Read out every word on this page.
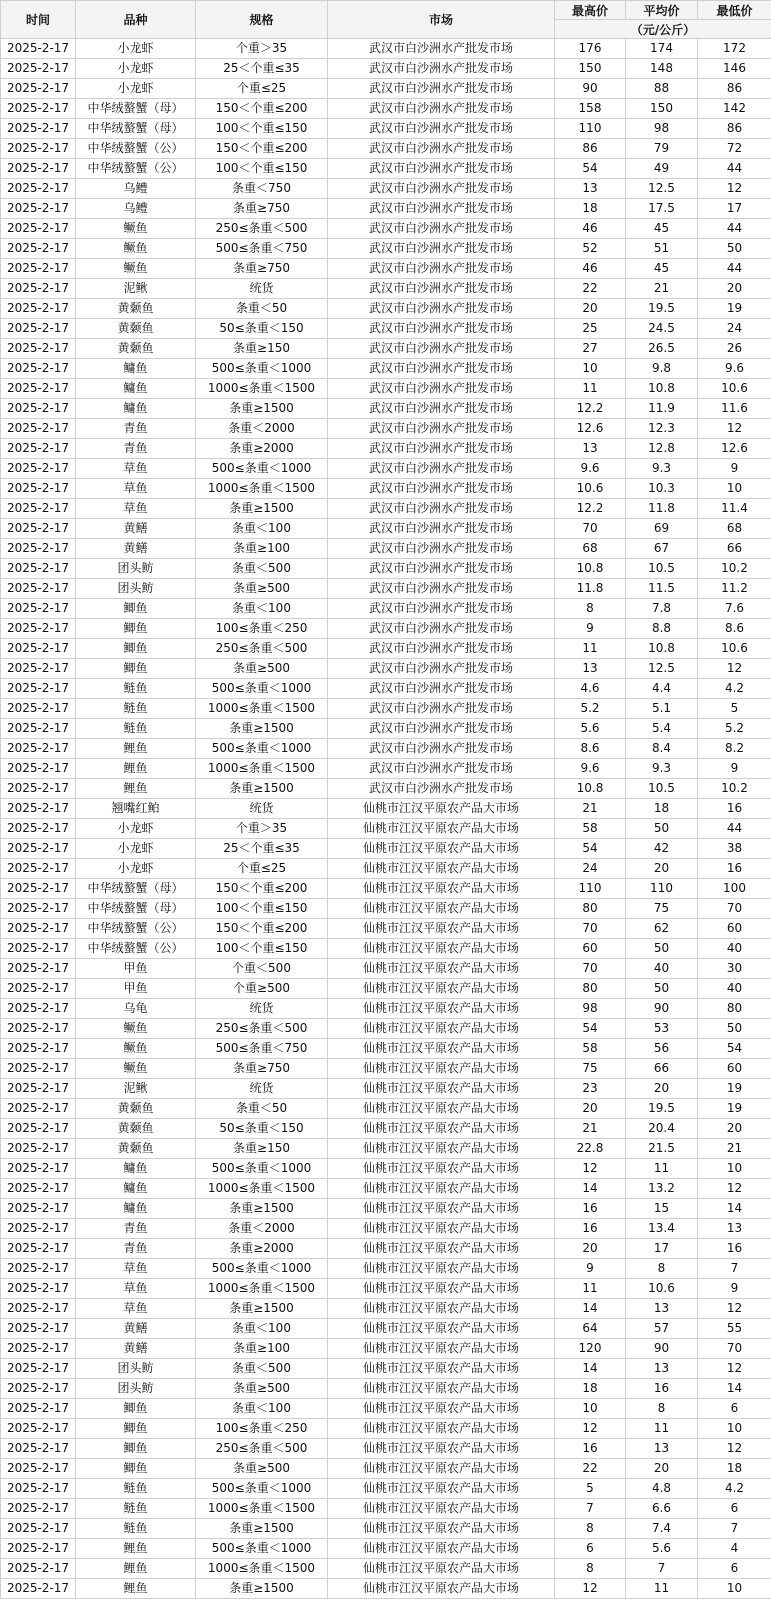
时间	品种	规格	市场	最高价	平均价	最低价
				（元/公斤）		
2025-2-17	小龙虾	个重＞35	武汉市白沙洲水产批发市场	176	174	172
2025-2-17	小龙虾	25＜个重≤35	武汉市白沙洲水产批发市场	150	148	146
2025-2-17	小龙虾	个重≤25	武汉市白沙洲水产批发市场	90	88	86
2025-2-17	中华绒螯蟹（母）	150＜个重≤200	武汉市白沙洲水产批发市场	158	150	142
2025-2-17	中华绒螯蟹（母）	100＜个重≤150	武汉市白沙洲水产批发市场	110	98	86
2025-2-17	中华绒螯蟹（公）	150＜个重≤200	武汉市白沙洲水产批发市场	86	79	72
2025-2-17	中华绒螯蟹（公）	100＜个重≤150	武汉市白沙洲水产批发市场	54	49	44
2025-2-17	乌鳢	条重＜750	武汉市白沙洲水产批发市场	13	12.5	12
2025-2-17	乌鳢	条重≥750	武汉市白沙洲水产批发市场	18	17.5	17
2025-2-17	鳜鱼	250≤条重＜500	武汉市白沙洲水产批发市场	46	45	44
2025-2-17	鳜鱼	500≤条重＜750	武汉市白沙洲水产批发市场	52	51	50
2025-2-17	鳜鱼	条重≥750	武汉市白沙洲水产批发市场	46	45	44
2025-2-17	泥鳅	统货	武汉市白沙洲水产批发市场	22	21	20
2025-2-17	黄颡鱼	条重＜50	武汉市白沙洲水产批发市场	20	19.5	19
2025-2-17	黄颡鱼	50≤条重＜150	武汉市白沙洲水产批发市场	25	24.5	24
2025-2-17	黄颡鱼	条重≥150	武汉市白沙洲水产批发市场	27	26.5	26
2025-2-17	鳙鱼	500≤条重＜1000	武汉市白沙洲水产批发市场	10	9.8	9.6
2025-2-17	鳙鱼	1000≤条重＜1500	武汉市白沙洲水产批发市场	11	10.8	10.6
2025-2-17	鳙鱼	条重≥1500	武汉市白沙洲水产批发市场	12.2	11.9	11.6
2025-2-17	青鱼	条重＜2000	武汉市白沙洲水产批发市场	12.6	12.3	12
2025-2-17	青鱼	条重≥2000	武汉市白沙洲水产批发市场	13	12.8	12.6
2025-2-17	草鱼	500≤条重＜1000	武汉市白沙洲水产批发市场	9.6	9.3	9
2025-2-17	草鱼	1000≤条重＜1500	武汉市白沙洲水产批发市场	10.6	10.3	10
2025-2-17	草鱼	条重≥1500	武汉市白沙洲水产批发市场	12.2	11.8	11.4
2025-2-17	黄鳝	条重＜100	武汉市白沙洲水产批发市场	70	69	68
2025-2-17	黄鳝	条重≥100	武汉市白沙洲水产批发市场	68	67	66
2025-2-17	团头鲂	条重＜500	武汉市白沙洲水产批发市场	10.8	10.5	10.2
2025-2-17	团头鲂	条重≥500	武汉市白沙洲水产批发市场	11.8	11.5	11.2
2025-2-17	鲫鱼	条重＜100	武汉市白沙洲水产批发市场	8	7.8	7.6
2025-2-17	鲫鱼	100≤条重＜250	武汉市白沙洲水产批发市场	9	8.8	8.6
2025-2-17	鲫鱼	250≤条重＜500	武汉市白沙洲水产批发市场	11	10.8	10.6
2025-2-17	鲫鱼	条重≥500	武汉市白沙洲水产批发市场	13	12.5	12
2025-2-17	鲢鱼	500≤条重＜1000	武汉市白沙洲水产批发市场	4.6	4.4	4.2
2025-2-17	鲢鱼	1000≤条重＜1500	武汉市白沙洲水产批发市场	5.2	5.1	5
2025-2-17	鲢鱼	条重≥1500	武汉市白沙洲水产批发市场	5.6	5.4	5.2
2025-2-17	鲤鱼	500≤条重＜1000	武汉市白沙洲水产批发市场	8.6	8.4	8.2
2025-2-17	鲤鱼	1000≤条重＜1500	武汉市白沙洲水产批发市场	9.6	9.3	9
2025-2-17	鲤鱼	条重≥1500	武汉市白沙洲水产批发市场	10.8	10.5	10.2
2025-2-17	翘嘴红鲌	统货	仙桃市江汉平原农产品大市场	21	18	16
2025-2-17	小龙虾	个重＞35	仙桃市江汉平原农产品大市场	58	50	44
2025-2-17	小龙虾	25＜个重≤35	仙桃市江汉平原农产品大市场	54	42	38
2025-2-17	小龙虾	个重≤25	仙桃市江汉平原农产品大市场	24	20	16
2025-2-17	中华绒螯蟹（母）	150＜个重≤200	仙桃市江汉平原农产品大市场	110	110	100
2025-2-17	中华绒螯蟹（母）	100＜个重≤150	仙桃市江汉平原农产品大市场	80	75	70
2025-2-17	中华绒螯蟹（公）	150＜个重≤200	仙桃市江汉平原农产品大市场	70	62	60
2025-2-17	中华绒螯蟹（公）	100＜个重≤150	仙桃市江汉平原农产品大市场	60	50	40
2025-2-17	甲鱼	个重＜500	仙桃市江汉平原农产品大市场	70	40	30
2025-2-17	甲鱼	个重≥500	仙桃市江汉平原农产品大市场	80	50	40
2025-2-17	乌龟	统货	仙桃市江汉平原农产品大市场	98	90	80
2025-2-17	鳜鱼	250≤条重＜500	仙桃市江汉平原农产品大市场	54	53	50
2025-2-17	鳜鱼	500≤条重＜750	仙桃市江汉平原农产品大市场	58	56	54
2025-2-17	鳜鱼	条重≥750	仙桃市江汉平原农产品大市场	75	66	60
2025-2-17	泥鳅	统货	仙桃市江汉平原农产品大市场	23	20	19
2025-2-17	黄颡鱼	条重＜50	仙桃市江汉平原农产品大市场	20	19.5	19
2025-2-17	黄颡鱼	50≤条重＜150	仙桃市江汉平原农产品大市场	21	20.4	20
2025-2-17	黄颡鱼	条重≥150	仙桃市江汉平原农产品大市场	22.8	21.5	21
2025-2-17	鳙鱼	500≤条重＜1000	仙桃市江汉平原农产品大市场	12	11	10
2025-2-17	鳙鱼	1000≤条重＜1500	仙桃市江汉平原农产品大市场	14	13.2	12
2025-2-17	鳙鱼	条重≥1500	仙桃市江汉平原农产品大市场	16	15	14
2025-2-17	青鱼	条重＜2000	仙桃市江汉平原农产品大市场	16	13.4	13
2025-2-17	青鱼	条重≥2000	仙桃市江汉平原农产品大市场	20	17	16
2025-2-17	草鱼	500≤条重＜1000	仙桃市江汉平原农产品大市场	9	8	7
2025-2-17	草鱼	1000≤条重＜1500	仙桃市江汉平原农产品大市场	11	10.6	9
2025-2-17	草鱼	条重≥1500	仙桃市江汉平原农产品大市场	14	13	12
2025-2-17	黄鳝	条重＜100	仙桃市江汉平原农产品大市场	64	57	55
2025-2-17	黄鳝	条重≥100	仙桃市江汉平原农产品大市场	120	90	70
2025-2-17	团头鲂	条重＜500	仙桃市江汉平原农产品大市场	14	13	12
2025-2-17	团头鲂	条重≥500	仙桃市江汉平原农产品大市场	18	16	14
2025-2-17	鲫鱼	条重＜100	仙桃市江汉平原农产品大市场	10	8	6
2025-2-17	鲫鱼	100≤条重＜250	仙桃市江汉平原农产品大市场	12	11	10
2025-2-17	鲫鱼	250≤条重＜500	仙桃市江汉平原农产品大市场	16	13	12
2025-2-17	鲫鱼	条重≥500	仙桃市江汉平原农产品大市场	22	20	18
2025-2-17	鲢鱼	500≤条重＜1000	仙桃市江汉平原农产品大市场	5	4.8	4.2
2025-2-17	鲢鱼	1000≤条重＜1500	仙桃市江汉平原农产品大市场	7	6.6	6
2025-2-17	鲢鱼	条重≥1500	仙桃市江汉平原农产品大市场	8	7.4	7
2025-2-17	鲤鱼	500≤条重＜1000	仙桃市江汉平原农产品大市场	6	5.6	4
2025-2-17	鲤鱼	1000≤条重＜1500	仙桃市江汉平原农产品大市场	8	7	6
2025-2-17	鲤鱼	条重≥1500	仙桃市江汉平原农产品大市场	12	11	10
